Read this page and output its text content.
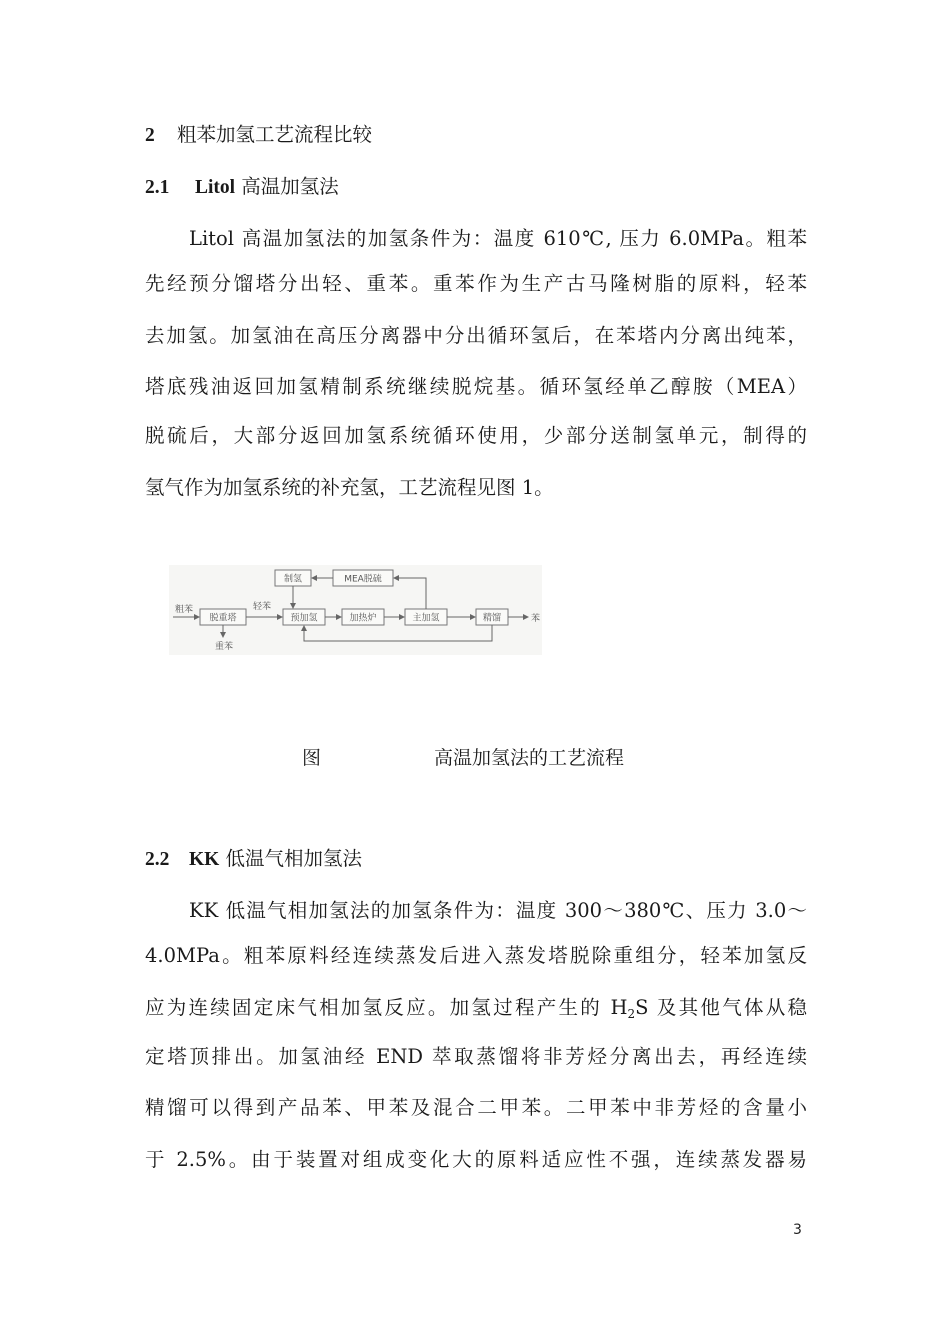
2 粗苯加氢工艺流程比较
2.1 Litol 高温加氢法
Litol 高温加氢法的加氢条件为：温度 610℃, 压力 6.0MPa。粗苯
先经预分馏塔分出轻、重苯。重苯作为生产古马隆树脂的原料，轻苯
去加氢。加氢油在高压分离器中分出循环氢后，在苯塔内分离出纯苯，
塔底残油返回加氢精制系统继续脱烷基。循环氢经单乙醇胺（MEA）
脱硫后，大部分返回加氢系统循环使用，少部分送制氢单元，制得的
氢气作为加氢系统的补充氢，工艺流程见图 1。
制氢	MEA脱硫
脱重塔	预加氢	加热炉	主加氢	精馏
粗苯	轻苯
重苯
苯
图	高温加氢法的工艺流程
2.2 KK 低温气相加氢法
KK 低温气相加氢法的加氢条件为：温度 300～380℃、压力 3.0～
4.0MPa。粗苯原料经连续蒸发后进入蒸发塔脱除重组分，轻苯加氢反
应为连续固定床气相加氢反应。加氢过程产生的 $H_2S$ 及其他气体从稳
定塔顶排出。加氢油经 END 萃取蒸馏将非芳烃分离出去，再经连续
精馏可以得到产品苯、甲苯及混合二甲苯。二甲苯中非芳烃的含量小
于 2.5%。由于装置对组成变化大的原料适应性不强，连续蒸发器易
3
